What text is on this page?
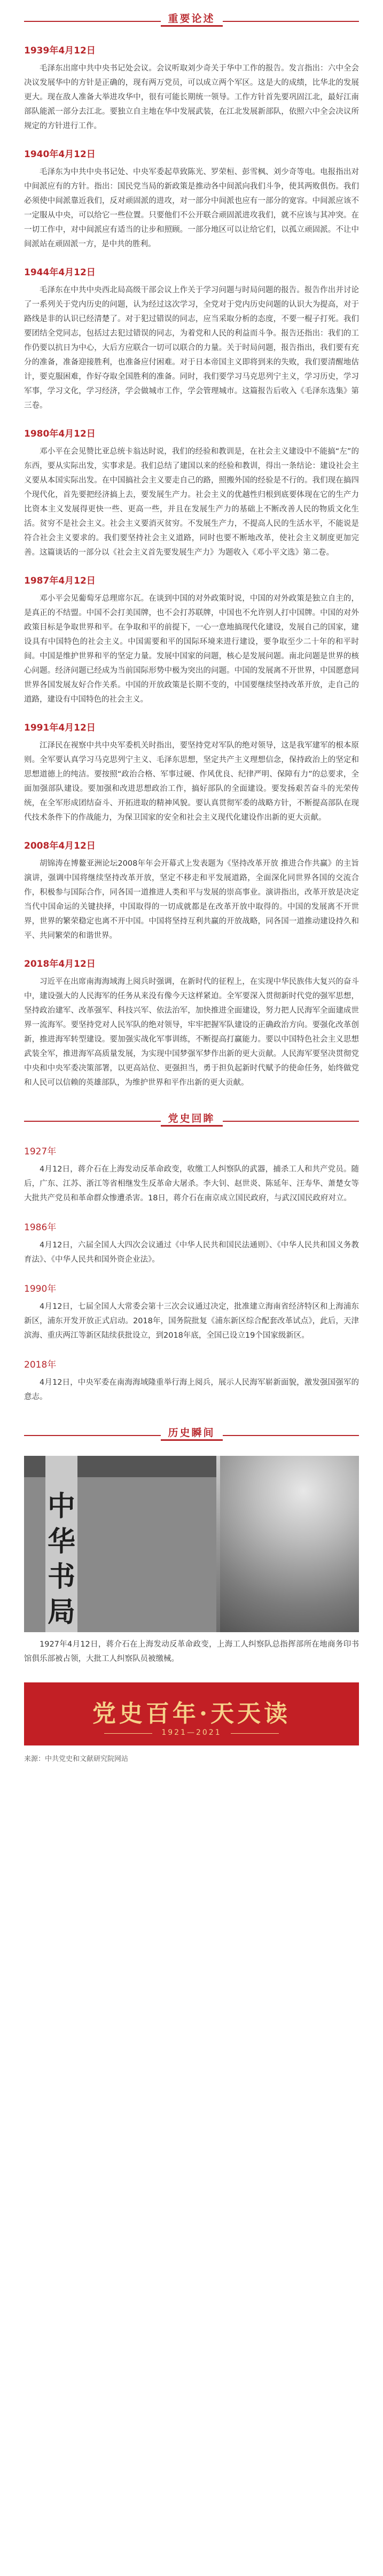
重要论述
1939年4月12日

毛泽东出席中共中央书记处会议。会议听取刘少奇关于华中工作的报告。发言指出：六中全会决议发展华中的方针是正确的，现有两万党员，可以成立两个军区。这是大的成绩，比华北的发展更大。现在敌人准备大举进攻华中，很有可能长期统一领导。工作方针首先要巩固江北，最好江南部队能派一部分去江北。要独立自主地在华中发展武装，在江北发展新部队，依照六中全会决议所规定的方针进行工作。

1940年4月12日

毛泽东为中共中央书记处、中央军委起草致陈光、罗荣桓、彭雪枫、刘少奇等电。电报指出对中间派应有的方针。指出：国民党当局的新政策是推动各中间派向我们斗争，使其两败俱伤。我们必须使中间派靠近我们，反对顽固派的进攻，对一部分中间派也应有一部分的宽容。中间派应该不一定服从中央，可以给它一些位置。只要他们不公开联合顽固派进攻我们，就不应该与其冲突。在一切工作中，对中间派应有适当的让步和照顾。一部分地区可以让给它们，以孤立顽固派。不让中间派站在顽固派一方，是中共的胜利。

1944年4月12日

毛泽东在中共中央西北局高级干部会议上作关于学习问题与时局问题的报告。报告作出并讨论了一系列关于党内历史的问题，认为经过这次学习，全党对于党内历史问题的认识大为提高，对于路线是非的认识已经清楚了。对于犯过错误的同志，应当采取分析的态度，不要一棍子打死。我们要团结全党同志，包括过去犯过错误的同志，为着党和人民的利益而斗争。报告还指出：我们的工作仍要以抗日为中心，大后方应联合一切可以联合的力量。关于时局问题，报告指出，我们要有充分的准备，准备迎接胜利，也准备应付困难。对于日本帝国主义即将到来的失败，我们要清醒地估计，要克服困难，作好夺取全国胜利的准备。同时，我们要学习马克思列宁主义，学习历史，学习军事，学习文化，学习经济，学会做城市工作，学会管理城市。这篇报告后收入《毛泽东选集》第三卷。

1980年4月12日

邓小平在会见赞比亚总统卡翁达时说，我们的经验和教训是，在社会主义建设中不能搞“左”的东西，要从实际出发，实事求是。我们总结了建国以来的经验和教训，得出一条结论：建设社会主义要从本国实际出发。在中国搞社会主义要走自己的路，照搬外国的经验是不行的。我们现在搞四个现代化，首先要把经济搞上去，要发展生产力。社会主义的优越性归根到底要体现在它的生产力比资本主义发展得更快一些、更高一些，并且在发展生产力的基础上不断改善人民的物质文化生活。贫穷不是社会主义。社会主义要消灭贫穷。不发展生产力，不提高人民的生活水平，不能说是符合社会主义要求的。我们要坚持社会主义道路，同时也要不断地改革，使社会主义制度更加完善。这篇谈话的一部分以《社会主义首先要发展生产力》为题收入《邓小平文选》第二卷。

1987年4月12日

邓小平会见葡萄牙总理席尔瓦。在谈到中国的对外政策时说，中国的对外政策是独立自主的，是真正的不结盟。中国不会打美国牌，也不会打苏联牌，中国也不允许别人打中国牌。中国的对外政策目标是争取世界和平。在争取和平的前提下，一心一意地搞现代化建设，发展自己的国家，建设具有中国特色的社会主义。中国需要和平的国际环境来进行建设，要争取至少二十年的和平时间。中国是维护世界和平的坚定力量。发展中国家的问题，核心是发展问题。南北问题是世界的核心问题。经济问题已经成为当前国际形势中极为突出的问题。中国的发展离不开世界，中国愿意同世界各国发展友好合作关系。中国的开放政策是长期不变的，中国要继续坚持改革开放，走自己的道路，建设有中国特色的社会主义。

1991年4月12日

江泽民在视察中共中央军委机关时指出，要坚持党对军队的绝对领导，这是我军建军的根本原则。全军要认真学习马克思列宁主义、毛泽东思想，坚定共产主义理想信念，保持政治上的坚定和思想道德上的纯洁。要按照“政治合格、军事过硬、作风优良、纪律严明、保障有力”的总要求，全面加强部队建设。要加强和改进思想政治工作，搞好部队的全面建设。要发扬艰苦奋斗的光荣传统，在全军形成团结奋斗、开拓进取的精神风貌。要认真贯彻军委的战略方针，不断提高部队在现代技术条件下的作战能力，为保卫国家的安全和社会主义现代化建设作出新的更大贡献。

2008年4月12日

胡锦涛在博鳌亚洲论坛2008年年会开幕式上发表题为《坚持改革开放 推进合作共赢》的主旨演讲，强调中国将继续坚持改革开放，坚定不移走和平发展道路，全面深化同世界各国的交流合作，积极参与国际合作，同各国一道推进人类和平与发展的崇高事业。演讲指出，改革开放是决定当代中国命运的关键抉择，中国取得的一切成就都是在改革开放中取得的。中国的发展离不开世界，世界的繁荣稳定也离不开中国。中国将坚持互利共赢的开放战略，同各国一道推动建设持久和平、共同繁荣的和谐世界。

2018年4月12日

习近平在出席南海海域海上阅兵时强调，在新时代的征程上，在实现中华民族伟大复兴的奋斗中，建设强大的人民海军的任务从来没有像今天这样紧迫。全军要深入贯彻新时代党的强军思想，坚持政治建军、改革强军、科技兴军、依法治军，加快推进全面建设，努力把人民海军全面建成世界一流海军。要坚持党对人民军队的绝对领导，牢牢把握军队建设的正确政治方向。要强化改革创新，推进海军转型建设。要加强实战化军事训练，不断提高打赢能力。要以中国特色社会主义思想武装全军，推进海军高质量发展，为实现中国梦强军梦作出新的更大贡献。人民海军要坚决贯彻党中央和中央军委决策部署，以更高站位、更强担当，勇于担负起新时代赋予的使命任务，始终做党和人民可以信赖的英雄部队，为维护世界和平作出新的更大贡献。

党史回眸
1927年

4月12日，蒋介石在上海发动反革命政变，收缴工人纠察队的武器，捕杀工人和共产党员。随后，广东、江苏、浙江等省相继发生反革命大屠杀。李大钊、赵世炎、陈延年、汪寿华、萧楚女等大批共产党员和革命群众惨遭杀害。18日，蒋介石在南京成立国民政府，与武汉国民政府对立。

1986年

4月12日，六届全国人大四次会议通过《中华人民共和国民法通则》、《中华人民共和国义务教育法》、《中华人民共和国外资企业法》。

1990年

4月12日，七届全国人大常委会第十三次会议通过决定，批准建立海南省经济特区和上海浦东新区，浦东开发开放正式启动。2018年，国务院批复《浦东新区综合配套改革试点》，此后，天津滨海、重庆两江等新区陆续获批设立，到2018年底，全国已设立19个国家级新区。

2018年

4月12日，中央军委在南海海域隆重举行海上阅兵，展示人民海军崭新面貌，激发强国强军的意志。

历史瞬间
中
华
书
局

1927年4月12日，蒋介石在上海发动反革命政变，上海工人纠察队总指挥部所在地商务印书馆俱乐部被占领，大批工人纠察队员被缴械。

党史百年·天天读
1921—2021
来源：中共党史和文献研究院网站
